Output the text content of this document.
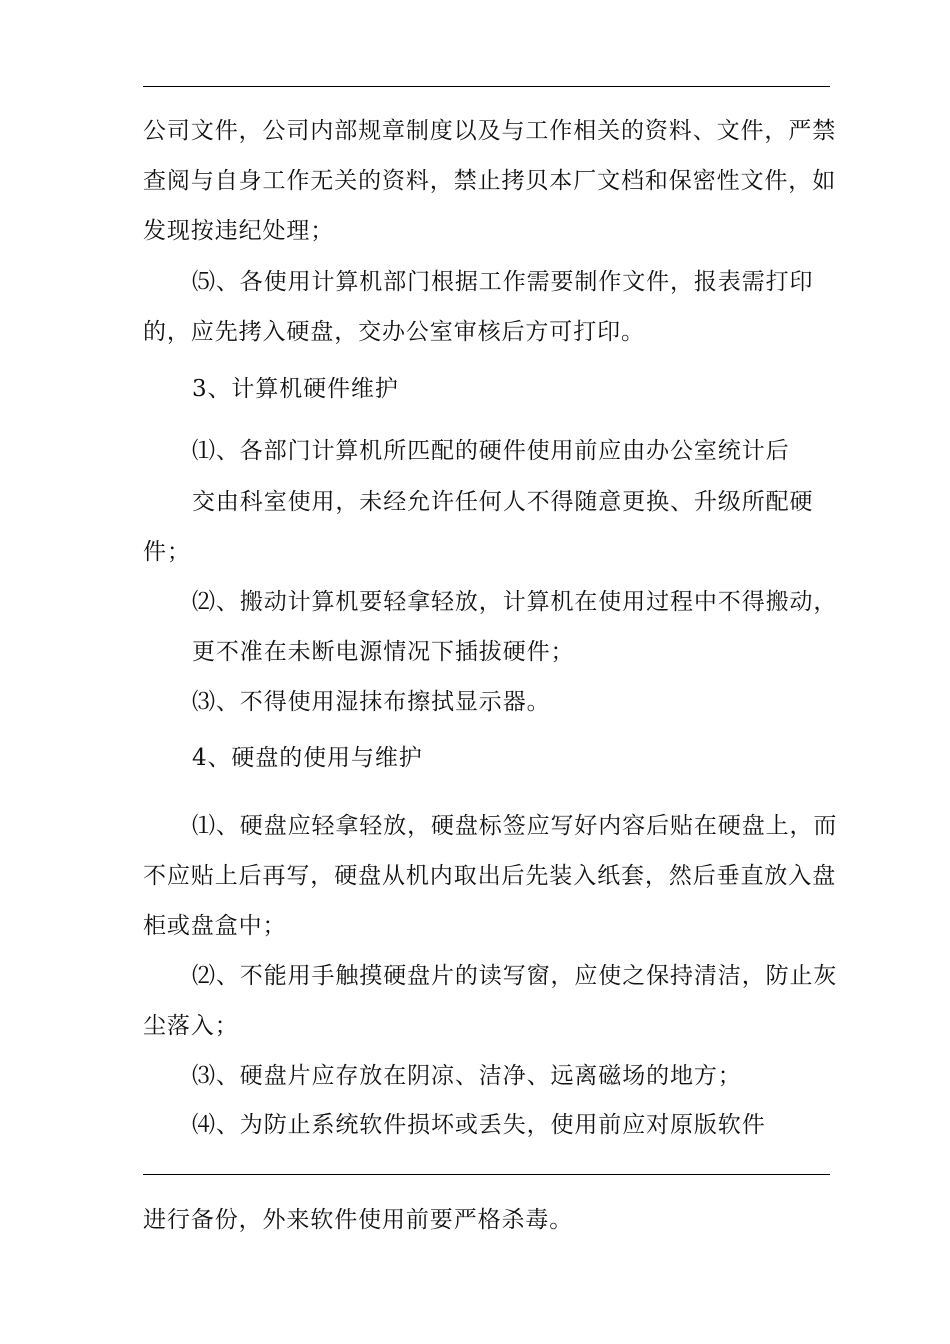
公司文件，公司内部规章制度以及与工作相关的资料、文件，严禁
查阅与自身工作无关的资料，禁止拷贝本厂文档和保密性文件，如
发现按违纪处理；
⑸、各使用计算机部门根据工作需要制作文件，报表需打印
的，应先拷入硬盘，交办公室审核后方可打印。
3、计算机硬件维护
⑴、各部门计算机所匹配的硬件使用前应由办公室统计后
交由科室使用，未经允许任何人不得随意更换、升级所配硬
件；
⑵、搬动计算机要轻拿轻放，计算机在使用过程中不得搬动，
更不准在未断电源情况下插拔硬件；
⑶、不得使用湿抹布擦拭显示器。
4、硬盘的使用与维护
⑴、硬盘应轻拿轻放，硬盘标签应写好内容后贴在硬盘上，而
不应贴上后再写，硬盘从机内取出后先装入纸套，然后垂直放入盘
柜或盘盒中；
⑵、不能用手触摸硬盘片的读写窗，应使之保持清洁，防止灰
尘落入；
⑶、硬盘片应存放在阴凉、洁净、远离磁场的地方；
⑷、为防止系统软件损坏或丢失，使用前应对原版软件
进行备份，外来软件使用前要严格杀毒。
